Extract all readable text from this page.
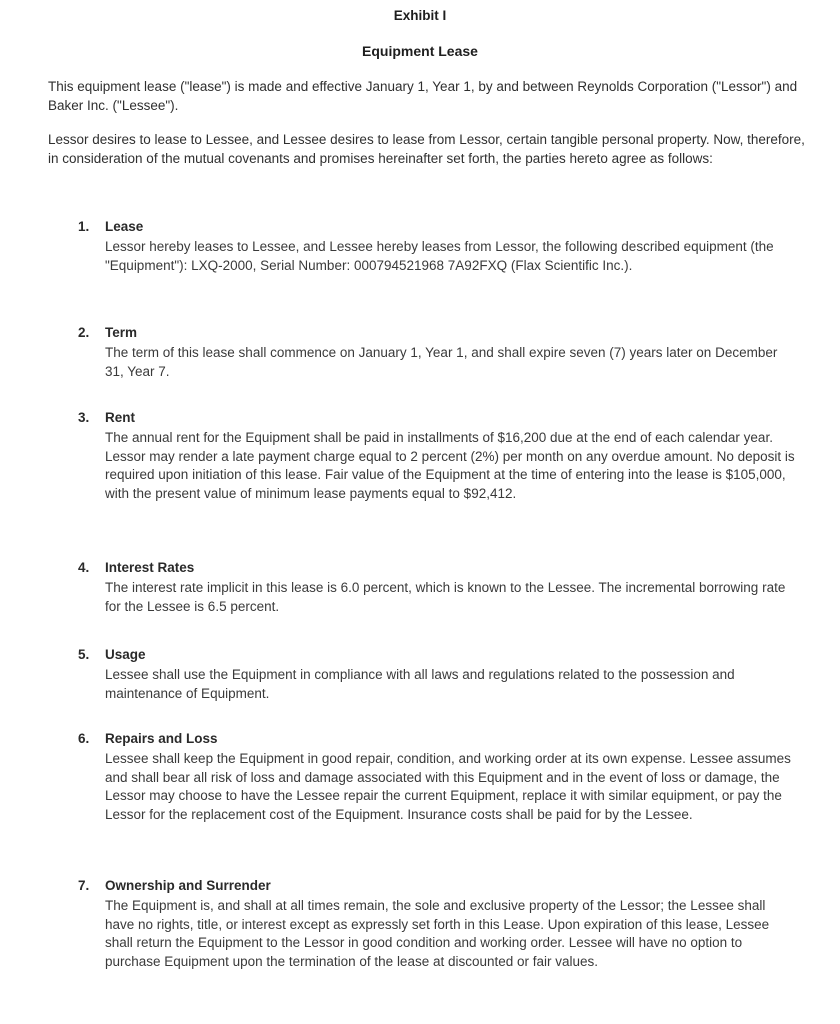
Exhibit I
Equipment Lease
This equipment lease ("lease") is made and effective January 1, Year 1, by and between Reynolds Corporation ("Lessor") and Baker Inc. ("Lessee").
Lessor desires to lease to Lessee, and Lessee desires to lease from Lessor, certain tangible personal property. Now, therefore, in consideration of the mutual covenants and promises hereinafter set forth, the parties hereto agree as follows:
1. Lease
Lessor hereby leases to Lessee, and Lessee hereby leases from Lessor, the following described equipment (the "Equipment"): LXQ-2000, Serial Number: 000794521968 7A92FXQ (Flax Scientific Inc.).
2. Term
The term of this lease shall commence on January 1, Year 1, and shall expire seven (7) years later on December 31, Year 7.
3. Rent
The annual rent for the Equipment shall be paid in installments of $16,200 due at the end of each calendar year. Lessor may render a late payment charge equal to 2 percent (2%) per month on any overdue amount. No deposit is required upon initiation of this lease. Fair value of the Equipment at the time of entering into the lease is $105,000, with the present value of minimum lease payments equal to $92,412.
4. Interest Rates
The interest rate implicit in this lease is 6.0 percent, which is known to the Lessee. The incremental borrowing rate for the Lessee is 6.5 percent.
5. Usage
Lessee shall use the Equipment in compliance with all laws and regulations related to the possession and maintenance of Equipment.
6. Repairs and Loss
Lessee shall keep the Equipment in good repair, condition, and working order at its own expense. Lessee assumes and shall bear all risk of loss and damage associated with this Equipment and in the event of loss or damage, the Lessor may choose to have the Lessee repair the current Equipment, replace it with similar equipment, or pay the Lessor for the replacement cost of the Equipment. Insurance costs shall be paid for by the Lessee.
7. Ownership and Surrender
The Equipment is, and shall at all times remain, the sole and exclusive property of the Lessor; the Lessee shall have no rights, title, or interest except as expressly set forth in this Lease. Upon expiration of this lease, Lessee shall return the Equipment to the Lessor in good condition and working order. Lessee will have no option to purchase Equipment upon the termination of the lease at discounted or fair values.
